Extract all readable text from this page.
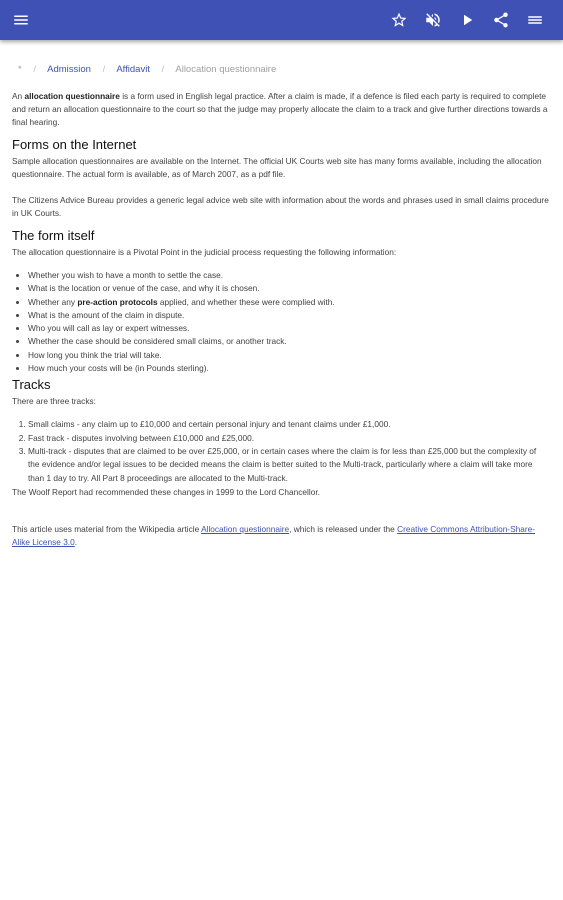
* / Admission / Affidavit / Allocation questionnaire

An allocation questionnaire is a form used in English legal practice. After a claim is made, if a defence is filed each party is required to complete and return an allocation questionnaire to the court so that the judge may properly allocate the claim to a track and give further directions towards a final hearing.

Forms on the Internet

Sample allocation questionnaires are available on the Internet. The official UK Courts web site has many forms available, including the allocation questionnaire. The actual form is available, as of March 2007, as a pdf file.

The Citizens Advice Bureau provides a generic legal advice web site with information about the words and phrases used in small claims procedure in UK Courts.

The form itself

The allocation questionnaire is a Pivotal Point in the judicial process requesting the following information:

• Whether you wish to have a month to settle the case.
• What is the location or venue of the case, and why it is chosen.
• Whether any pre-action protocols applied, and whether these were complied with.
• What is the amount of the claim in dispute.
• Who you will call as lay or expert witnesses.
• Whether the case should be considered small claims, or another track.
• How long you think the trial will take.
• How much your costs will be (in Pounds sterling).
Tracks

There are three tracks:

1. Small claims - any claim up to £10,000 and certain personal injury and tenant claims under £1,000.
2. Fast track - disputes involving between £10,000 and £25,000.
3. Multi-track - disputes that are claimed to be over £25,000, or in certain cases where the claim is for less than £25,000 but the complexity of the evidence and/or legal issues to be decided means the claim is better suited to the Multi-track, particularly where a claim will take more than 1 day to try. All Part 8 proceedings are allocated to the Multi-track.

The Woolf Report had recommended these changes in 1999 to the Lord Chancellor.

This article uses material from the Wikipedia article Allocation questionnaire, which is released under the Creative Commons Attribution-Share-Alike License 3.0.
